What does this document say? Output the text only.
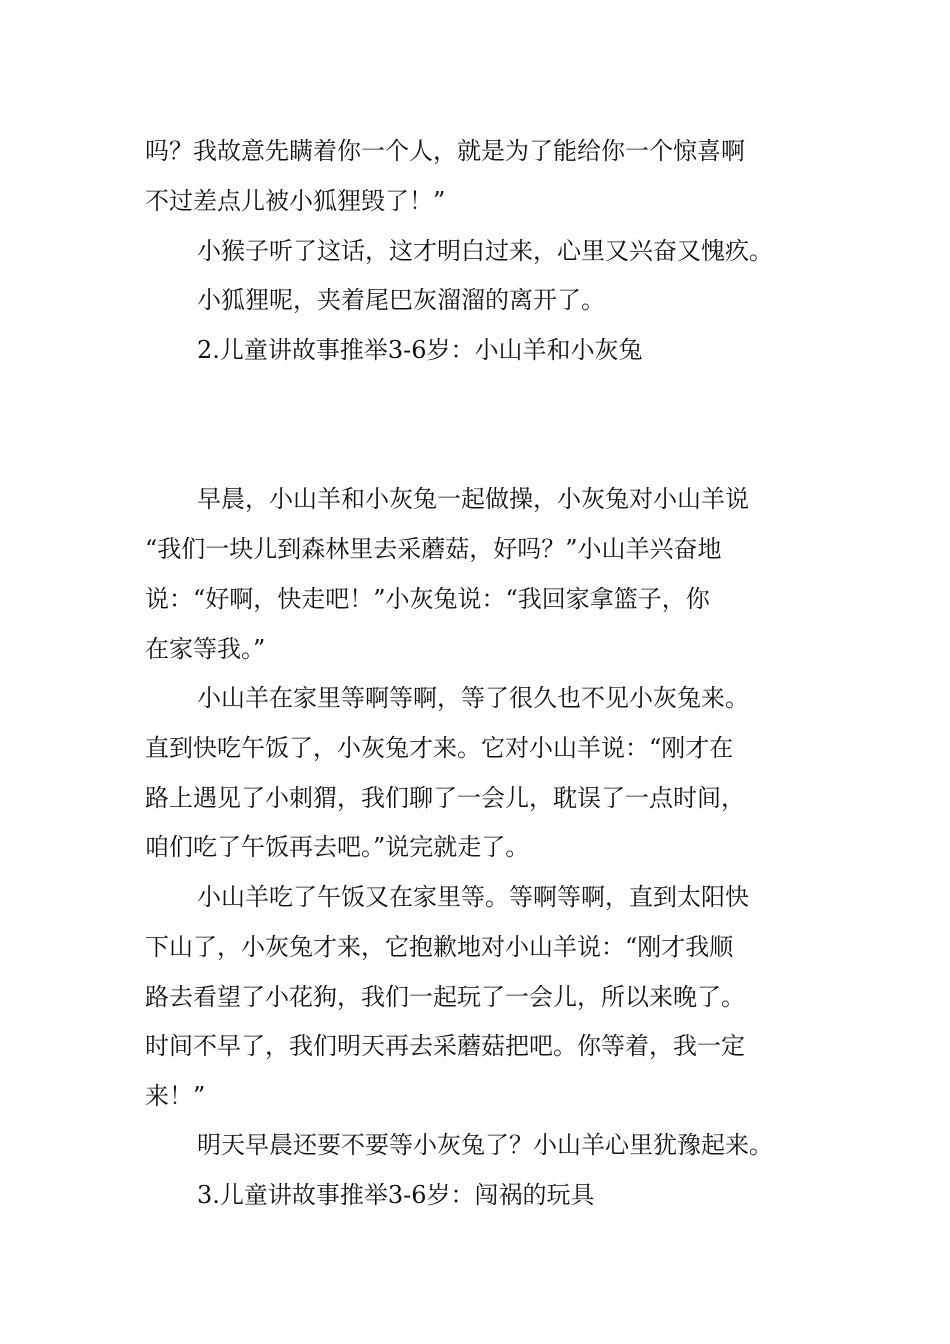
吗？我故意先瞒着你一个人，就是为了能给你一个惊喜啊
不过差点儿被小狐狸毁了！”
小猴子听了这话，这才明白过来，心里又兴奋又愧疚。
小狐狸呢，夹着尾巴灰溜溜的离开了。
2.儿童讲故事推举3-6岁：小山羊和小灰兔
早晨，小山羊和小灰兔一起做操，小灰兔对小山羊说
“我们一块儿到森林里去采蘑菇，好吗？”小山羊兴奋地
说：“好啊，快走吧！”小灰兔说：“我回家拿篮子，你
在家等我。”
小山羊在家里等啊等啊，等了很久也不见小灰兔来。
直到快吃午饭了，小灰兔才来。它对小山羊说：“刚才在
路上遇见了小刺猬，我们聊了一会儿，耽误了一点时间，
咱们吃了午饭再去吧。”说完就走了。
小山羊吃了午饭又在家里等。等啊等啊，直到太阳快
下山了，小灰兔才来，它抱歉地对小山羊说：“刚才我顺
路去看望了小花狗，我们一起玩了一会儿，所以来晚了。
时间不早了，我们明天再去采蘑菇把吧。你等着，我一定
来！”
明天早晨还要不要等小灰兔了？小山羊心里犹豫起来。
3.儿童讲故事推举3-6岁：闯祸的玩具
